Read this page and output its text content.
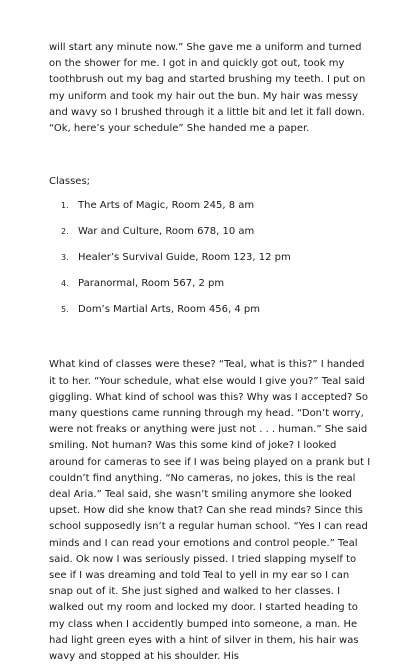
will start any minute now.” She gave me a uniform and turned on the shower for me. I got in and quickly got out, took my toothbrush out my bag and started brushing my teeth. I put on my uniform and took my hair out the bun. My hair was messy and wavy so I brushed through it a little bit and let it fall down. “Ok, here’s your schedule” She handed me a paper.

Classes;

1. The Arts of Magic, Room 245, 8 am
2. War and Culture, Room 678, 10 am
3. Healer’s Survival Guide, Room 123, 12 pm
4. Paranormal, Room 567, 2 pm
5. Dom’s Martial Arts, Room 456, 4 pm

What kind of classes were these? “Teal, what is this?” I handed it to her. “Your schedule, what else would I give you?” Teal said giggling. What kind of school was this? Why was I accepted? So many questions came running through my head. “Don’t worry, were not freaks or anything were just not . . . human.” She said smiling. Not human? Was this some kind of joke? I looked around for cameras to see if I was being played on a prank but I couldn’t find anything. “No cameras, no jokes, this is the real deal Aria.” Teal said, she wasn’t smiling anymore she looked upset. How did she know that? Can she read minds? Since this school supposedly isn’t a regular human school. “Yes I can read minds and I can read your emotions and control people.” Teal said. Ok now I was seriously pissed. I tried slapping myself to see if I was dreaming and told Teal to yell in my ear so I can snap out of it. She just sighed and walked to her classes. I walked out my room and locked my door. I started heading to my class when I accidently bumped into someone, a man. He had light green eyes with a hint of silver in them, his hair was wavy and stopped at his shoulder. His
